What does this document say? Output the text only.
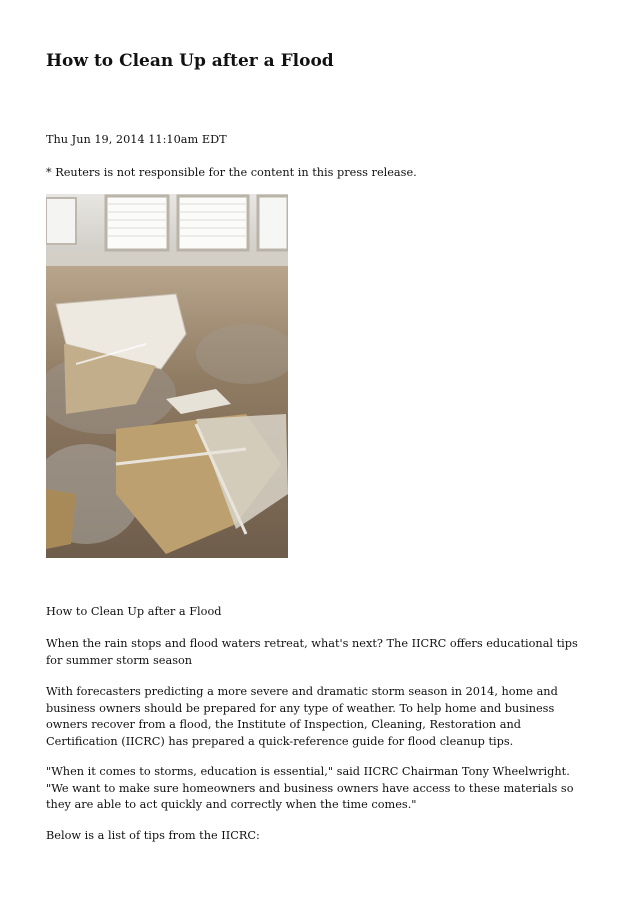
How to Clean Up after a Flood
Thu Jun 19, 2014 11:10am EDT
* Reuters is not responsible for the content in this press release.

How to Clean Up after a Flood

When the rain stops and flood waters retreat, what's next? The IICRC offers educational tips for summer storm season

With forecasters predicting a more severe and dramatic storm season in 2014, home and business owners should be prepared for any type of weather. To help home and business owners recover from a flood, the Institute of Inspection, Cleaning, Restoration and Certification (IICRC) has prepared a quick-reference guide for flood cleanup tips.

"When it comes to storms, education is essential," said IICRC Chairman Tony Wheelwright. "We want to make sure homeowners and business owners have access to these materials so they are able to act quickly and correctly when the time comes."

Below is a list of tips from the IICRC:
